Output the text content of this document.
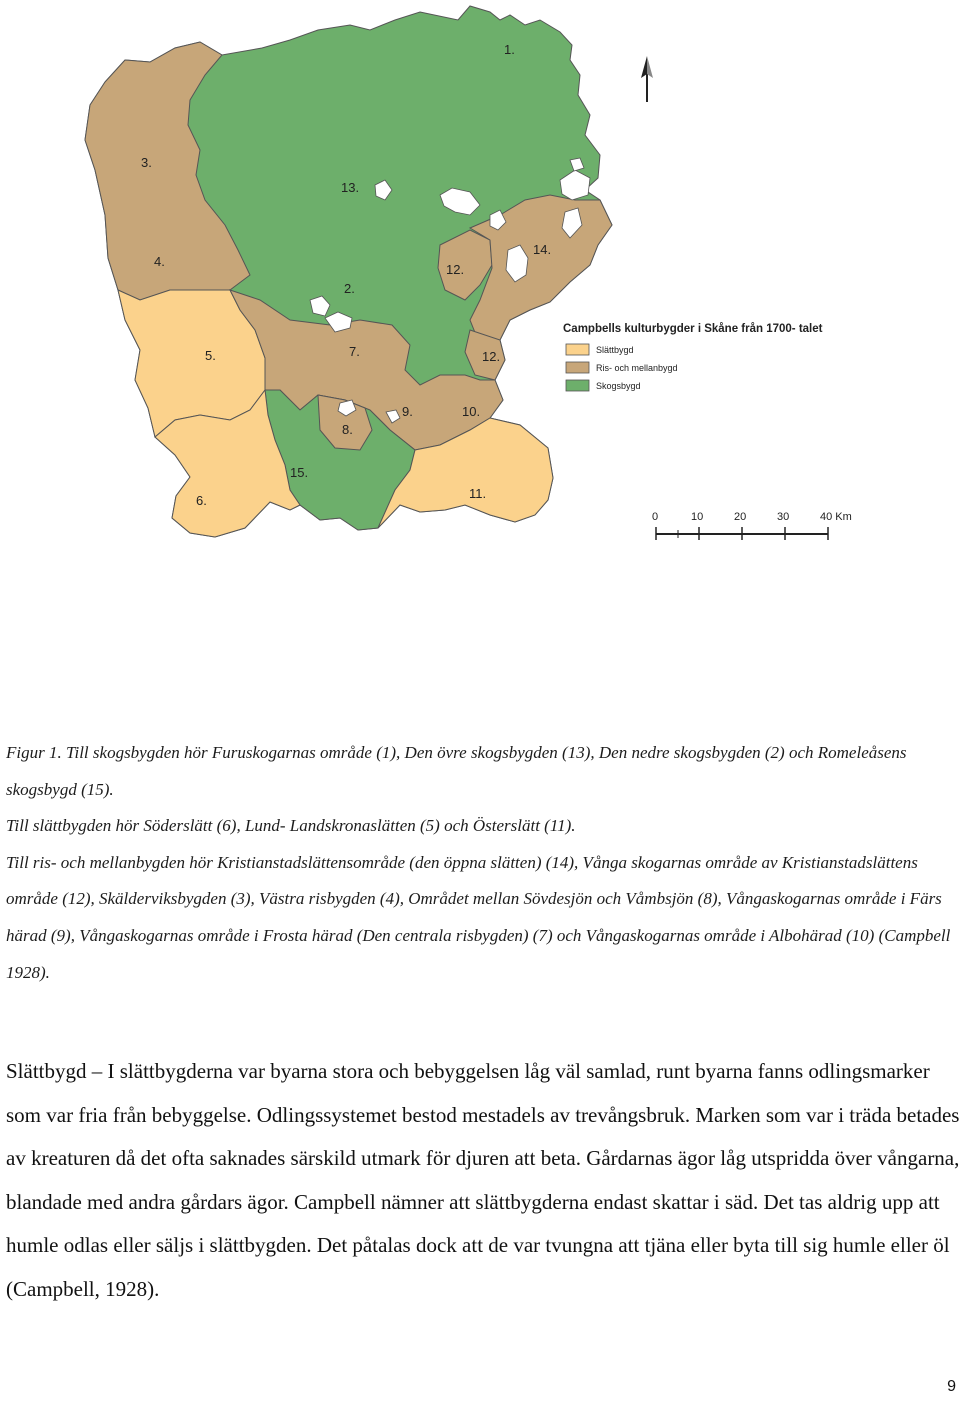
1.
2.
3.
4.
5.
6.
7.
8.
9.	10.
11.
12.
12.
13.
14.
15.
Campbells kulturbygder i Skåne från 1700- talet
Slättbygd
Ris- och mellanbygd
Skogsbygd
0	10	20	30	40 Km

Figur 1. Till skogsbygden hör Furuskogarnas område (1), Den övre skogsbygden (13), Den nedre skogsbygden (2) och Romeleåsens skogsbygd (15).

Till slättbygden hör Söderslätt (6), Lund- Landskronaslätten (5) och Österslätt (11).

Till ris- och mellanbygden hör Kristianstadslättensområde (den öppna slätten) (14), Vånga skogarnas område av Kristianstadslättens område (12), Skälderviksbygden (3), Västra risbygden (4), Området mellan Sövdesjön och Våmbsjön (8), Vångaskogarnas område i Färs härad (9), Vångaskogarnas område i Frosta härad (Den centrala risbygden) (7) och Vångaskogarnas område i Albohärad (10) (Campbell 1928).

Slättbygd – I slättbygderna var byarna stora och bebyggelsen låg väl samlad, runt byarna fanns odlingsmarker som var fria från bebyggelse. Odlingssystemet bestod mestadels av trevångsbruk. Marken som var i träda betades av kreaturen då det ofta saknades särskild utmark för djuren att beta. Gårdarnas ägor låg utspridda över vångarna, blandade med andra gårdars ägor. Campbell nämner att slättbygderna endast skattar i säd. Det tas aldrig upp att humle odlas eller säljs i slättbygden. Det påtalas dock att de var tvungna att tjäna eller byta till sig humle eller öl (Campbell, 1928).

9
